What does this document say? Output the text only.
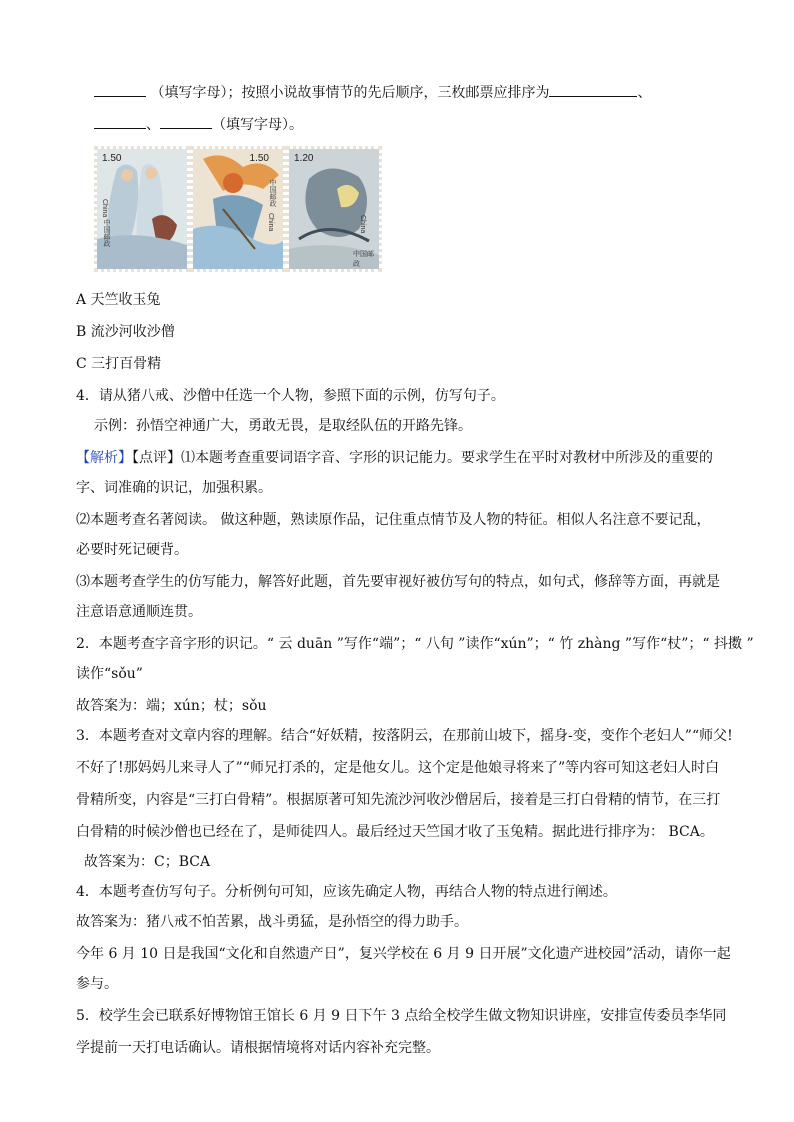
（填写字母）；按照小说故事情节的先后顺序，三枚邮票应排序为	、
、	（填写字母）。
1.50
中国邮政
China
1.50
中国邮政
China
1.20
中国邮政
China
A 天竺收玉兔
B 流沙河收沙僧
C 三打百骨精
4．请从猪八戒、沙僧中任选一个人物，参照下面的示例，仿写句子。
示例：孙悟空神通广大，勇敢无畏，是取经队伍的开路先锋。
【解析】【点评】⑴本题考查重要词语字音、字形的识记能力。要求学生在平时对教材中所涉及的重要的
字、词准确的识记，加强积累。
⑵本题考查名著阅读。 做这种题，熟读原作品，记住重点情节及人物的特征。相似人名注意不要记乱，
必要时死记硬背。
⑶本题考查学生的仿写能力，解答好此题，首先要审视好被仿写句的特点，如句式，修辞等方面，再就是
注意语意通顺连贯。
2．本题考查字音字形的识记。“ 云 duān ”写作“端”；“ 八旬 ”读作“xún”；“ 竹 zhàng ”写作“杖”；“ 抖擞 ”
读作“sǒu”
故答案为：端；xún；杖；sǒu
3．本题考查对文章内容的理解。结合“好妖精，按落阴云，在那前山坡下，摇身-变，变作个老妇人”“师父!
不好了!那妈妈儿来寻人了”“师兄打杀的，定是他女儿。这个定是他娘寻将来了”等内容可知这老妇人时白
骨精所变，内容是“三打白骨精”。根据原著可知先流沙河收沙僧居后，接着是三打白骨精的情节，在三打
白骨精的时候沙僧也已经在了，是师徒四人。最后经过天竺国才收了玉兔精。据此进行排序为： BCA。
故答案为：C；BCA
4．本题考查仿写句子。分析例句可知，应该先确定人物，再结合人物的特点进行阐述。
故答案为：猪八戒不怕苦累，战斗勇猛，是孙悟空的得力助手。
今年 6 月 10 日是我国“文化和自然遗产日”，复兴学校在 6 月 9 日开展”文化遗产进校园”活动，请你一起
参与。
5．校学生会已联系好博物馆王馆长 6 月 9 日下午 3 点给全校学生做文物知识讲座，安排宣传委员李华同
学提前一天打电话确认。请根据情境将对话内容补充完整。
